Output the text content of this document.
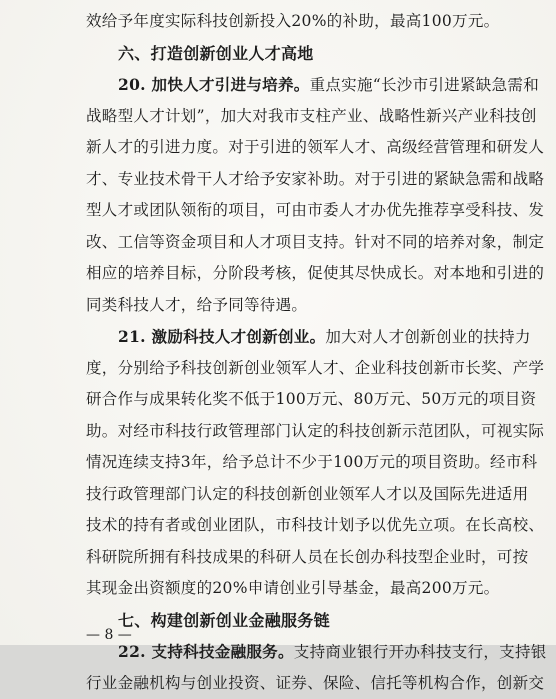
效给予年度实际科技创新投入20%的补助，最高100万元。
六、打造创新创业人才高地
20. 加快人才引进与培养。重点实施“长沙市引进紧缺急需和
战略型人才计划”，加大对我市支柱产业、战略性新兴产业科技创
新人才的引进力度。对于引进的领军人才、高级经营管理和研发人
才、专业技术骨干人才给予安家补助。对于引进的紧缺急需和战略
型人才或团队领衔的项目，可由市委人才办优先推荐享受科技、发
改、工信等资金项目和人才项目支持。针对不同的培养对象，制定
相应的培养目标，分阶段考核，促使其尽快成长。对本地和引进的
同类科技人才，给予同等待遇。
21. 激励科技人才创新创业。加大对人才创新创业的扶持力
度，分别给予科技创新创业领军人才、企业科技创新市长奖、产学
研合作与成果转化奖不低于100万元、80万元、50万元的项目资
助。对经市科技行政管理部门认定的科技创新示范团队，可视实际
情况连续支持3年，给予总计不少于100万元的项目资助。经市科
技行政管理部门认定的科技创新创业领军人才以及国际先进适用
技术的持有者或创业团队，市科技计划予以优先立项。在长高校、
科研院所拥有科技成果的科研人员在长创办科技型企业时，可按
其现金出资额度的20%申请创业引导基金，最高200万元。
七、构建创新创业金融服务链
22. 支持科技金融服务。支持商业银行开办科技支行，支持银
行业金融机构与创业投资、证券、保险、信托等机构合作，创新交
— 8 —
